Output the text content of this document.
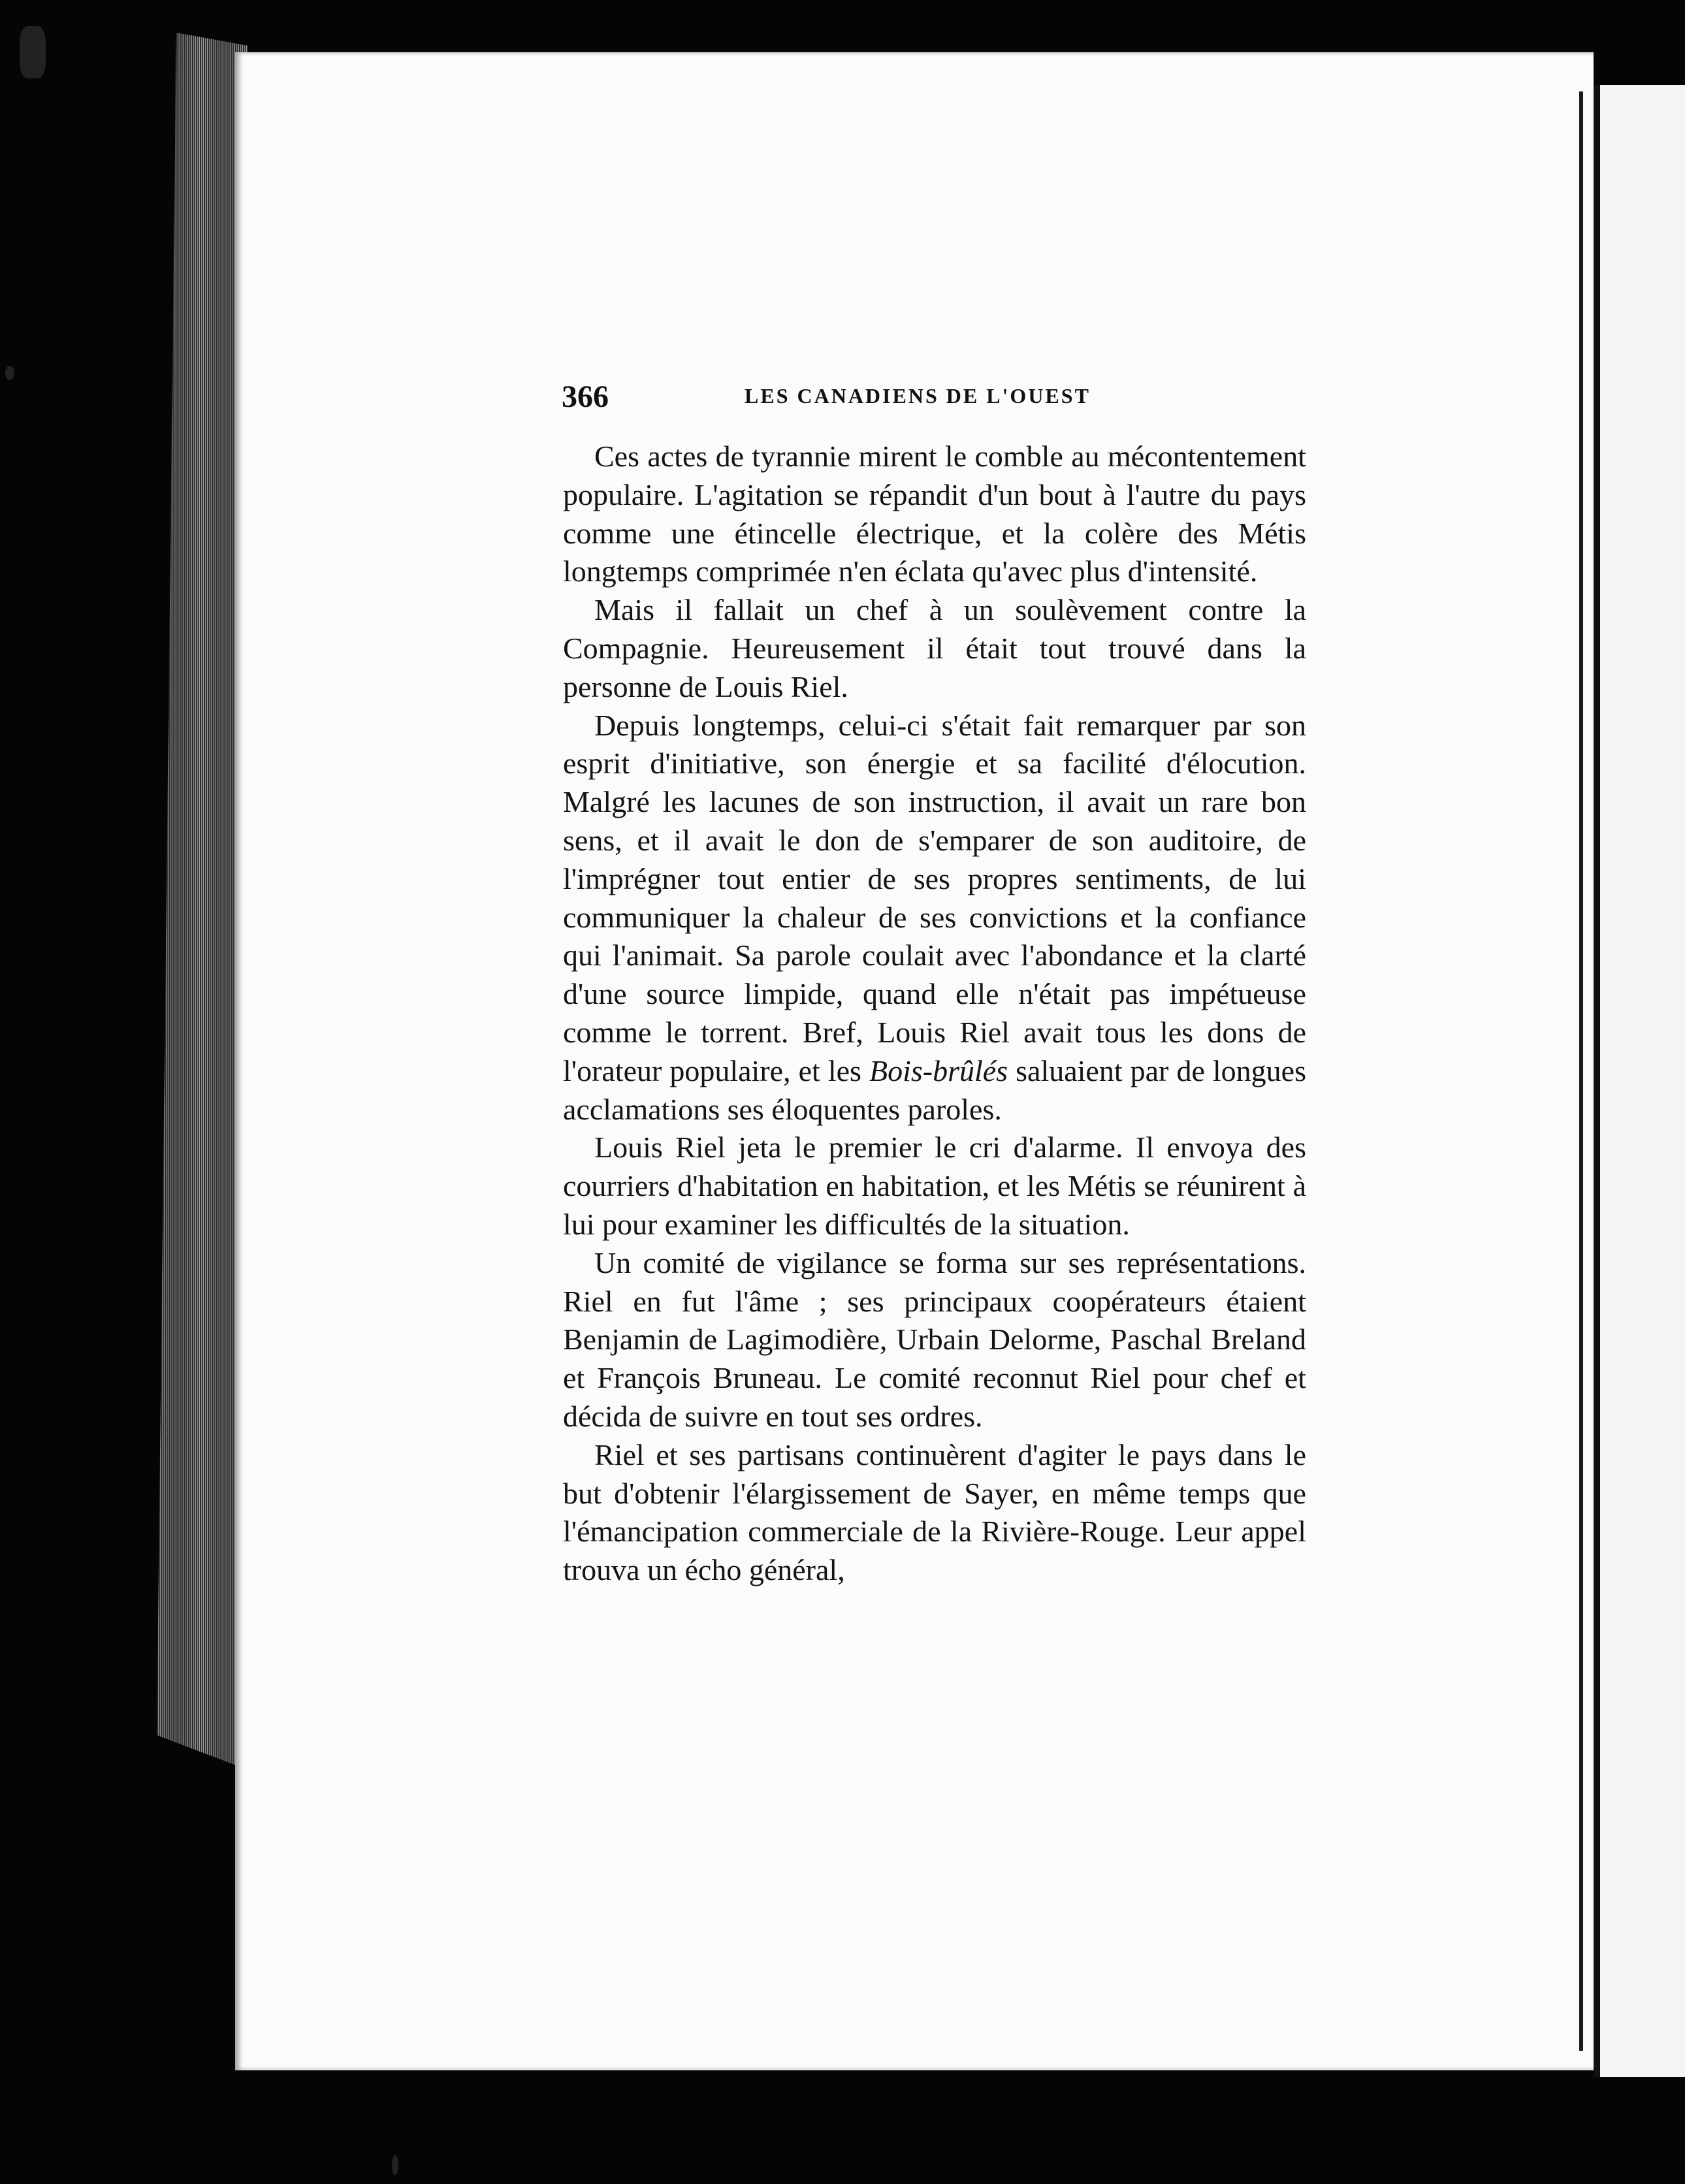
366	LES CANADIENS DE L'OUEST

Ces actes de tyrannie mirent le comble au mécontentement populaire. L'agitation se répandit d'un bout à l'autre du pays comme une étincelle électrique, et la colère des Métis longtemps comprimée n'en éclata qu'avec plus d'intensité.

Mais il fallait un chef à un soulèvement contre la Compagnie. Heureusement il était tout trouvé dans la personne de Louis Riel.

Depuis longtemps, celui-ci s'était fait remarquer par son esprit d'initiative, son énergie et sa facilité d'élocution. Malgré les lacunes de son instruction, il avait un rare bon sens, et il avait le don de s'emparer de son auditoire, de l'imprégner tout entier de ses propres sentiments, de lui communiquer la chaleur de ses convictions et la confiance qui l'animait. Sa parole coulait avec l'abondance et la clarté d'une source limpide, quand elle n'était pas impétueuse comme le torrent. Bref, Louis Riel avait tous les dons de l'orateur populaire, et les Bois-brûlés saluaient par de longues acclamations ses éloquentes paroles.

Louis Riel jeta le premier le cri d'alarme. Il envoya des courriers d'habitation en habitation, et les Métis se réunirent à lui pour examiner les difficultés de la situation.

Un comité de vigilance se forma sur ses représentations. Riel en fut l'âme ; ses principaux coopérateurs étaient Benjamin de Lagimodière, Urbain Delorme, Paschal Breland et François Bruneau. Le comité reconnut Riel pour chef et décida de suivre en tout ses ordres.

Riel et ses partisans continuèrent d'agiter le pays dans le but d'obtenir l'élargissement de Sayer, en même temps que l'émancipation commerciale de la Rivière-Rouge. Leur appel trouva un écho général,
